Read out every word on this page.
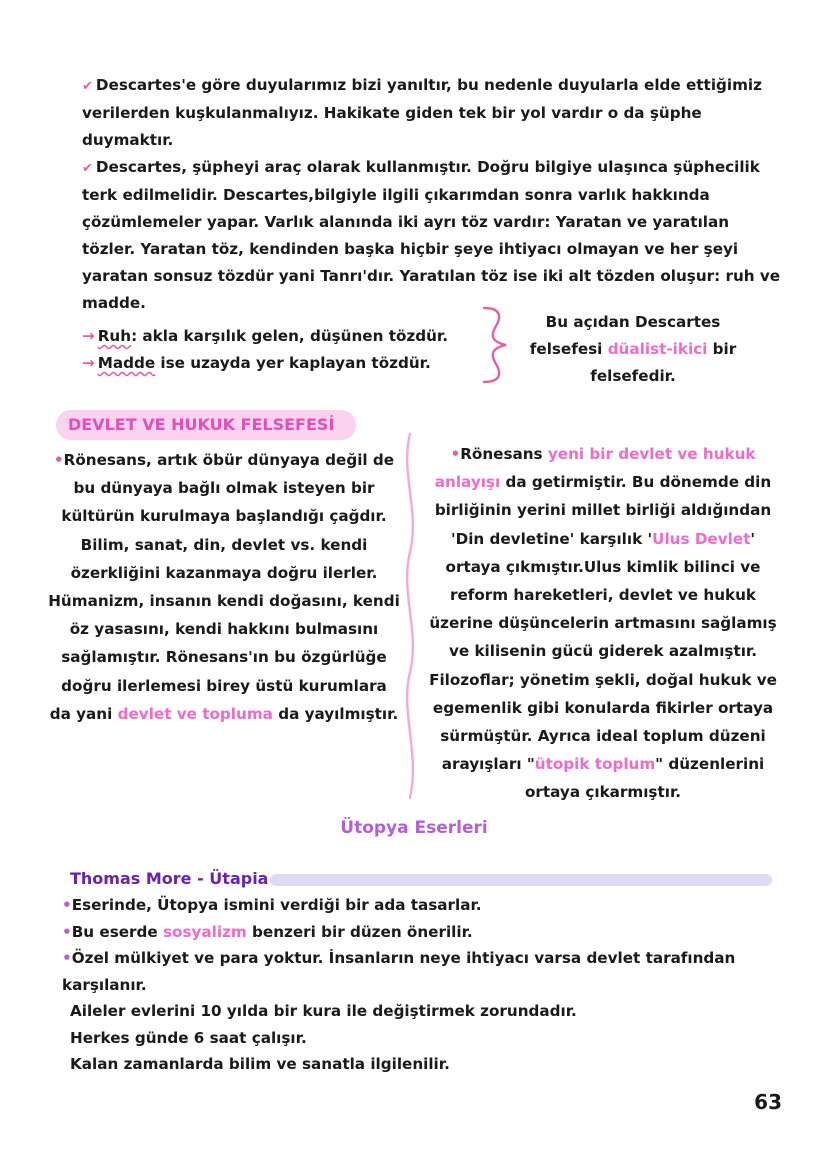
✔ Descartes'e göre duyularımız bizi yanıltır, bu nedenle duyularla elde ettiğimiz verilerden kuşkulanmalıyız. Hakikate giden tek bir yol vardır o da şüphe duymaktır.

✔ Descartes, şüpheyi araç olarak kullanmıştır. Doğru bilgiye ulaşınca şüphecilik terk edilmelidir. Descartes,bilgiyle ilgili çıkarımdan sonra varlık hakkında çözümlemeler yapar. Varlık alanında iki ayrı töz vardır: Yaratan ve yaratılan tözler. Yaratan töz, kendinden başka hiçbir şeye ihtiyacı olmayan ve her şeyi yaratan sonsuz tözdür yani Tanrı'dır. Yaratılan töz ise iki alt tözden oluşur: ruh ve madde.

→ Ruh: akla karşılık gelen, düşünen tözdür.
→ Madde ise uzayda yer kaplayan tözdür.
Bu açıdan Descartes felsefesi düalist-ikici bir felsefedir.
DEVLET VE HUKUK FELSEFESİ
•Rönesans, artık öbür dünyaya değil de bu dünyaya bağlı olmak isteyen bir kültürün kurulmaya başlandığı çağdır. Bilim, sanat, din, devlet vs. kendi özerkliğini kazanmaya doğru ilerler. Hümanizm, insanın kendi doğasını, kendi öz yasasını, kendi hakkını bulmasını sağlamıştır. Rönesans'ın bu özgürlüğe doğru ilerlemesi birey üstü kurumlara da yani devlet ve topluma da yayılmıştır.
•Rönesans yeni bir devlet ve hukuk anlayışı da getirmiştir. Bu dönemde din birliğinin yerini millet birliği aldığından 'Din devletine' karşılık 'Ulus Devlet' ortaya çıkmıştır.Ulus kimlik bilinci ve reform hareketleri, devlet ve hukuk üzerine düşüncelerin artmasını sağlamış ve kilisenin gücü giderek azalmıştır. Filozoflar; yönetim şekli, doğal hukuk ve egemenlik gibi konularda fikirler ortaya sürmüştür. Ayrıca ideal toplum düzeni arayışları "ütopik toplum" düzenlerini ortaya çıkarmıştır.
Ütopya Eserleri
Thomas More - Ütapia

•Eserinde, Ütopya ismini verdiği bir ada tasarlar.

•Bu eserde sosyalizm benzeri bir düzen önerilir.

•Özel mülkiyet ve para yoktur. İnsanların neye ihtiyacı varsa devlet tarafından karşılanır.

Aileler evlerini 10 yılda bir kura ile değiştirmek zorundadır.

Herkes günde 6 saat çalışır.

Kalan zamanlarda bilim ve sanatla ilgilenilir.

63
